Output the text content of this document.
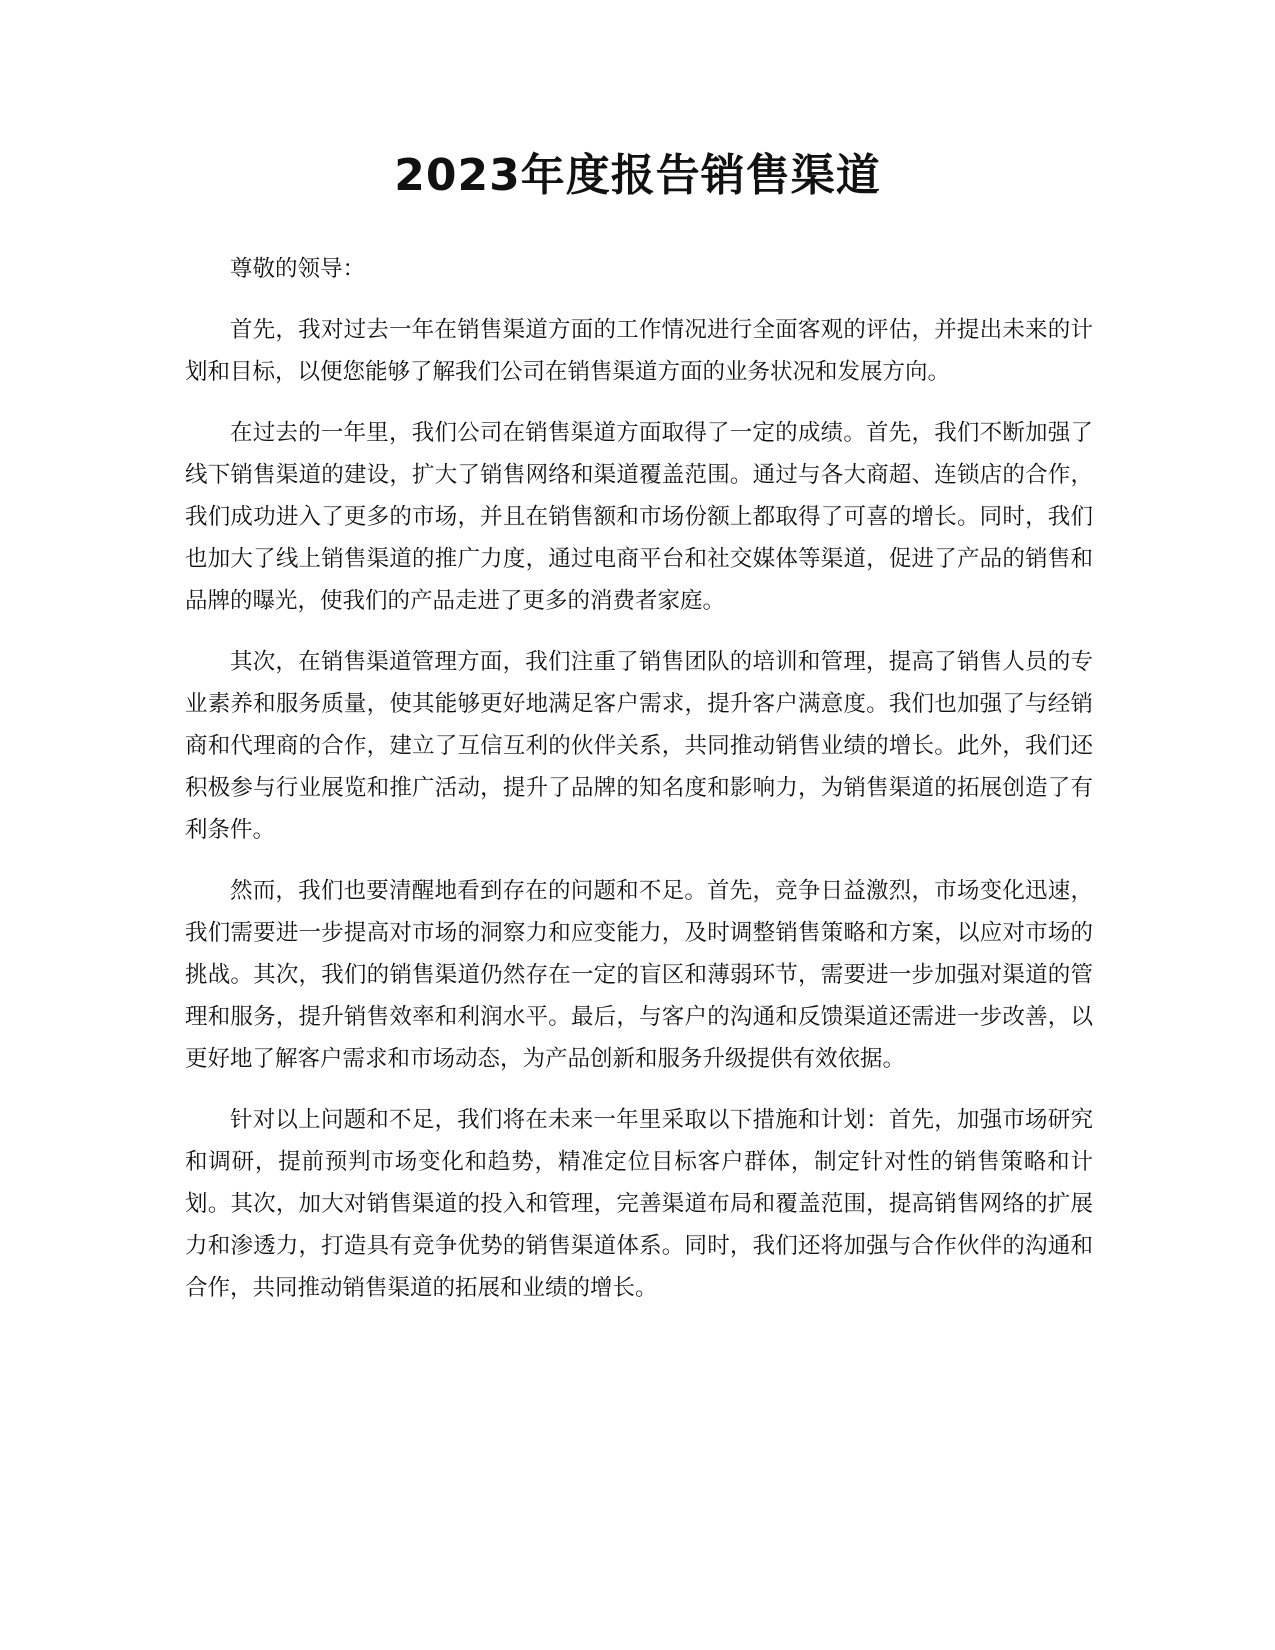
2023年度报告销售渠道

尊敬的领导：

首先，我对过去一年在销售渠道方面的工作情况进行全面客观的评估，并提出未来的计划和目标，以便您能够了解我们公司在销售渠道方面的业务状况和发展方向。

在过去的一年里，我们公司在销售渠道方面取得了一定的成绩。首先，我们不断加强了线下销售渠道的建设，扩大了销售网络和渠道覆盖范围。通过与各大商超、连锁店的合作，我们成功进入了更多的市场，并且在销售额和市场份额上都取得了可喜的增长。同时，我们也加大了线上销售渠道的推广力度，通过电商平台和社交媒体等渠道，促进了产品的销售和品牌的曝光，使我们的产品走进了更多的消费者家庭。

其次，在销售渠道管理方面，我们注重了销售团队的培训和管理，提高了销售人员的专业素养和服务质量，使其能够更好地满足客户需求，提升客户满意度。我们也加强了与经销商和代理商的合作，建立了互信互利的伙伴关系，共同推动销售业绩的增长。此外，我们还积极参与行业展览和推广活动，提升了品牌的知名度和影响力，为销售渠道的拓展创造了有利条件。

然而，我们也要清醒地看到存在的问题和不足。首先，竞争日益激烈，市场变化迅速，我们需要进一步提高对市场的洞察力和应变能力，及时调整销售策略和方案，以应对市场的挑战。其次，我们的销售渠道仍然存在一定的盲区和薄弱环节，需要进一步加强对渠道的管理和服务，提升销售效率和利润水平。最后，与客户的沟通和反馈渠道还需进一步改善，以更好地了解客户需求和市场动态，为产品创新和服务升级提供有效依据。

针对以上问题和不足，我们将在未来一年里采取以下措施和计划：首先，加强市场研究和调研，提前预判市场变化和趋势，精准定位目标客户群体，制定针对性的销售策略和计划。其次，加大对销售渠道的投入和管理，完善渠道布局和覆盖范围，提高销售网络的扩展力和渗透力，打造具有竞争优势的销售渠道体系。同时，我们还将加强与合作伙伴的沟通和合作，共同推动销售渠道的拓展和业绩的增长。
